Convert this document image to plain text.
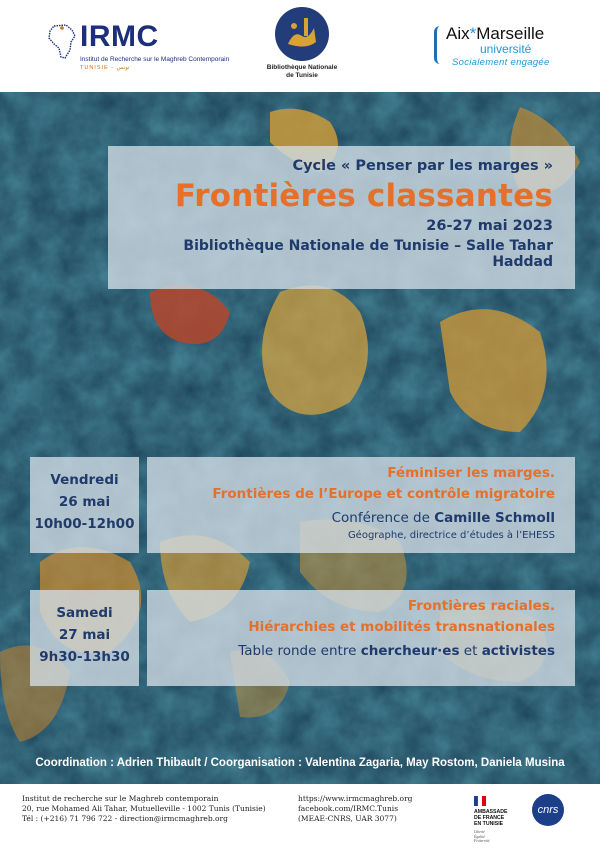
IRMC
Institut de Recherche sur le Maghreb Contemporain
TUNISIE - تونس	Bibliothèque Nationale
de Tunisie
Aix*Marseille
université
Socialement engagée
Cycle « Penser par les marges »
Frontières classantes
26-27 mai 2023
Bibliothèque Nationale de Tunisie – Salle Tahar Haddad
Vendredi
26 mai
10h00-12h00
Féminiser les marges.
Frontières de l’Europe et contrôle migratoire
Conférence de Camille Schmoll
Géographe, directrice d’études à l’EHESS
Samedi
27 mai
9h30-13h30
Frontières raciales.
Hiérarchies et mobilités transnationales
Table ronde entre chercheur·es et activistes
Coordination : Adrien Thibault / Coorganisation : Valentina Zagaria, May Rostom, Daniela Musina
Institut de recherche sur le Maghreb contemporain
20, rue Mohamed Ali Tahar, Mutuelleville - 1002 Tunis (Tunisie)
Tél : (+216) 71 796 722 - direction@irmcmaghreb.org
https://www.irmcmaghreb.org
facebook.com/IRMC.Tunis
(MEAE-CNRS, UAR 3077)
AMBASSADE
DE FRANCE
EN TUNISIE
Liberté
Égalité
Fraternité
cnrs
